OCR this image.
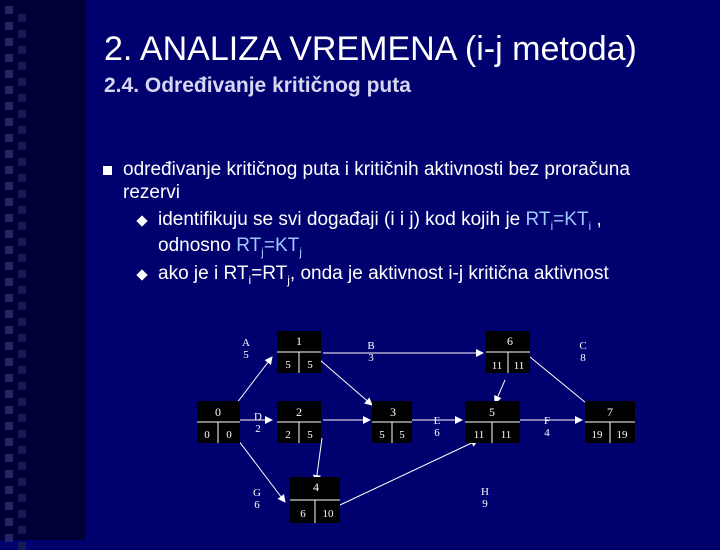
2. ANALIZA VREMENA (i-j metoda)
2.4. Određivanje kritičnog puta
određivanje kritičnog puta i kritičnih aktivnosti bez proračuna
rezervi
identifikuju se svi događaji (i i j) kod kojih je $RT_i=KT_i$ ,
odnosno $RT_j=KT_j$
ako je i $RT_i=RT_j$, onda je aktivnost i-j kritična aktivnost
0
0 0
1
5 5
2
2 5
3
5 5
4
6 10
5
11 11
6
11 11
7
19 19
A
5
B
3
C
8
D
2
E
6
F
4
G
6
H
9
